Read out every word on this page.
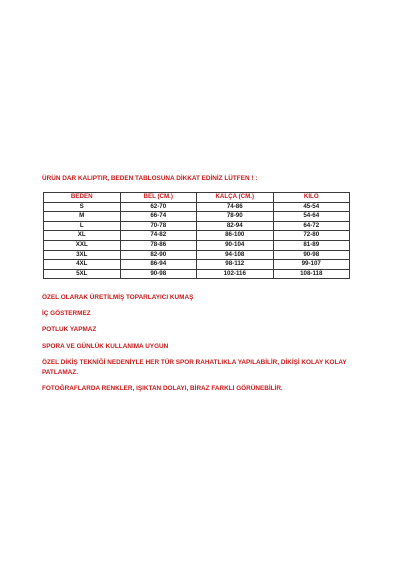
ÜRÜN DAR KALIPTIR, BEDEN TABLOSUNA DİKKAT EDİNİZ LÜTFEN ! :
BEDEN	BEL (CM.)	KALÇA (CM.)	KİLO
S	62-70	74-86	45-54
M	66-74	78-90	54-64
L	70-78	82-94	64-72
XL	74-82	86-100	72-80
XXL	78-86	90-104	81-89
3XL	82-90	94-108	90-98
4XL	86-94	98-112	99-107
5XL	90-98	102-116	108-118

ÖZEL OLARAK ÜRETİLMİŞ TOPARLAYICI KUMAŞ

İÇ GÖSTERMEZ

POTLUK YAPMAZ

SPORA VE GÜNLÜK KULLANIMA UYGUN

ÖZEL DİKİŞ TEKNİĞİ NEDENİYLE HER TÜR SPOR RAHATLIKLA YAPILABİLİR, DİKİŞİ KOLAY KOLAY PATLAMAZ.

FOTOĞRAFLARDA RENKLER, IŞIKTAN DOLAYI, BİRAZ FARKLI GÖRÜNEBİLİR.
